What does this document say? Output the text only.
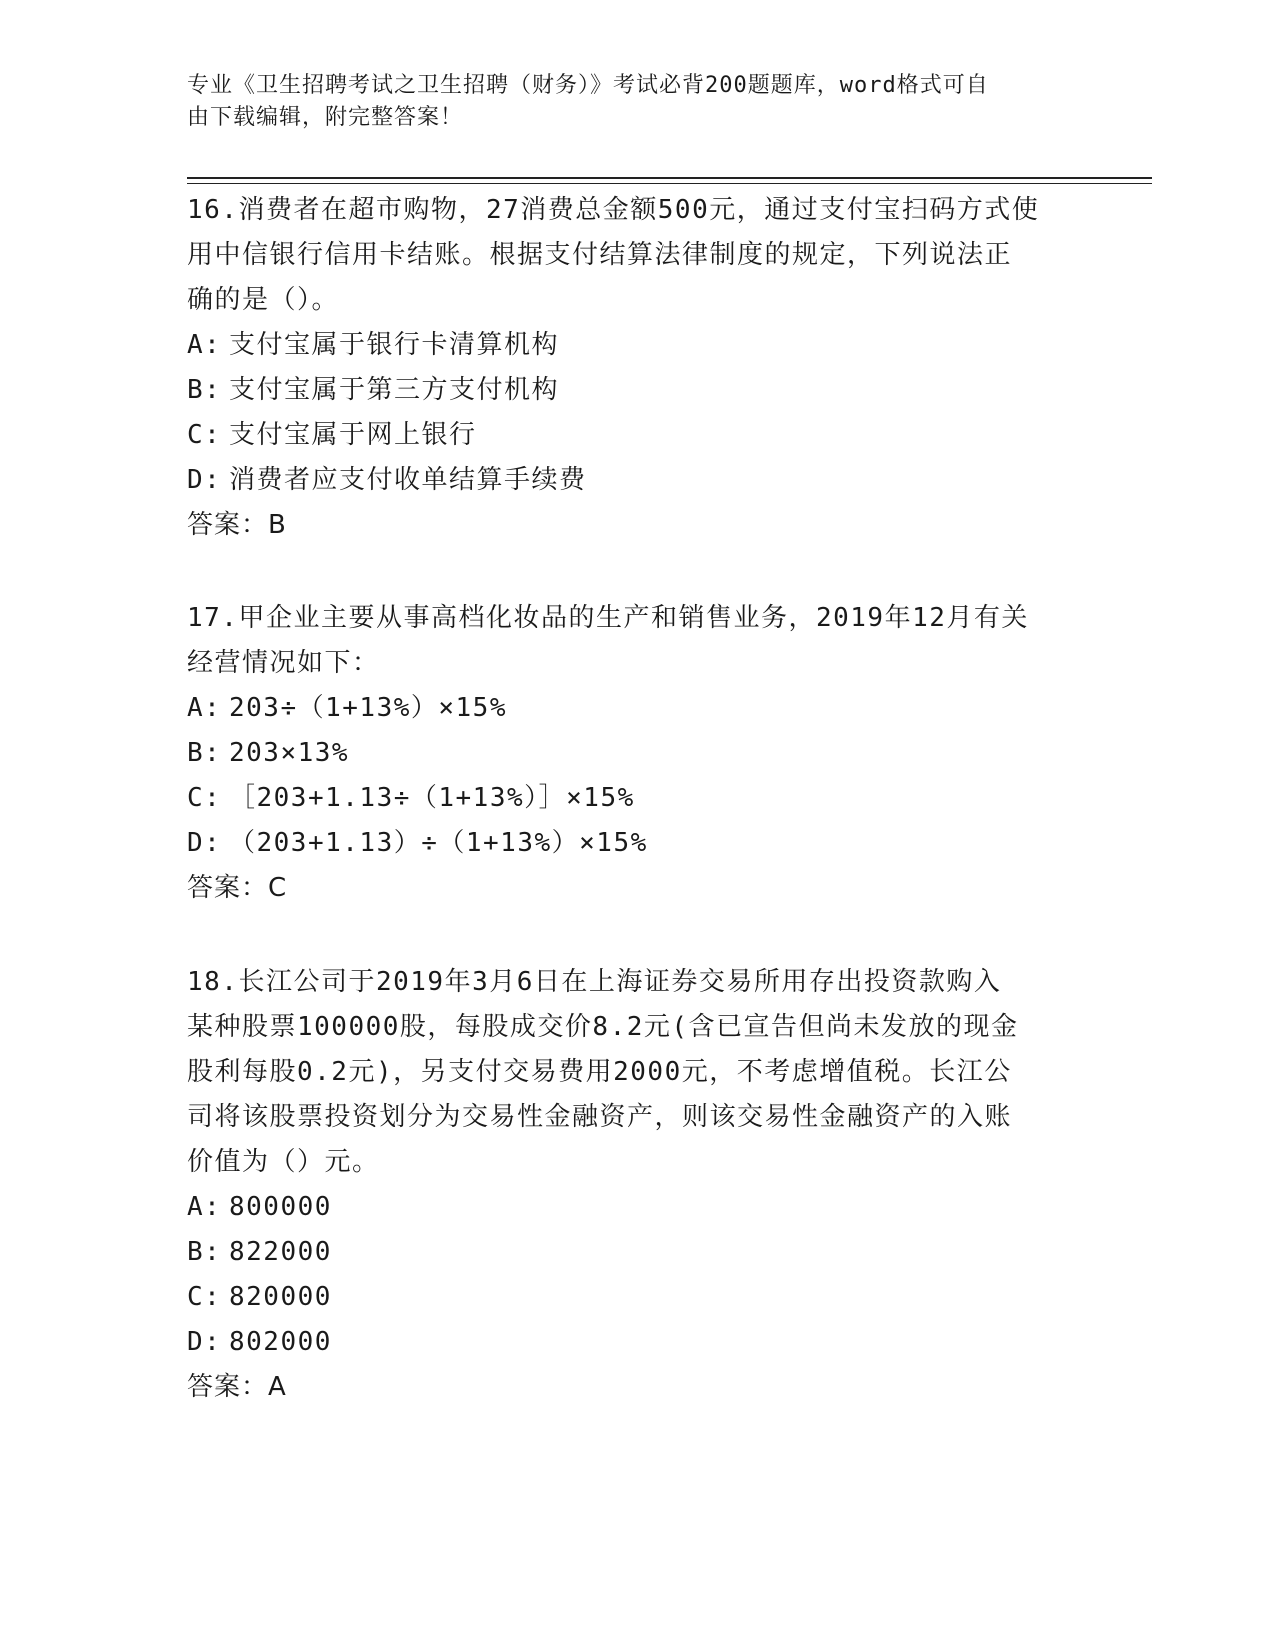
专业《卫生招聘考试之卫生招聘（财务）》考试必背200题题库，word格式可自
由下载编辑，附完整答案！

16.消费者在超市购物，27消费总金额500元，通过支付宝扫码方式使
用中信银行信用卡结账。根据支付结算法律制度的规定，下列说法正
确的是（）。

A: 支付宝属于银行卡清算机构
B: 支付宝属于第三方支付机构
C: 支付宝属于网上银行
D: 消费者应支付收单结算手续费

答案：B

17.甲企业主要从事高档化妆品的生产和销售业务，2019年12月有关
经营情况如下：

A: 203÷（1+13%）×15%
B: 203×13%
C: ［203+1.13÷（1+13%）］×15%
D: （203+1.13）÷（1+13%）×15%

答案：C

18.长江公司于2019年3月6日在上海证券交易所用存出投资款购入
某种股票100000股，每股成交价8.2元(含已宣告但尚未发放的现金
股利每股0.2元)，另支付交易费用2000元，不考虑增值税。长江公
司将该股票投资划分为交易性金融资产，则该交易性金融资产的入账
价值为（）元。

A: 800000
B: 822000
C: 820000
D: 802000

答案：A
